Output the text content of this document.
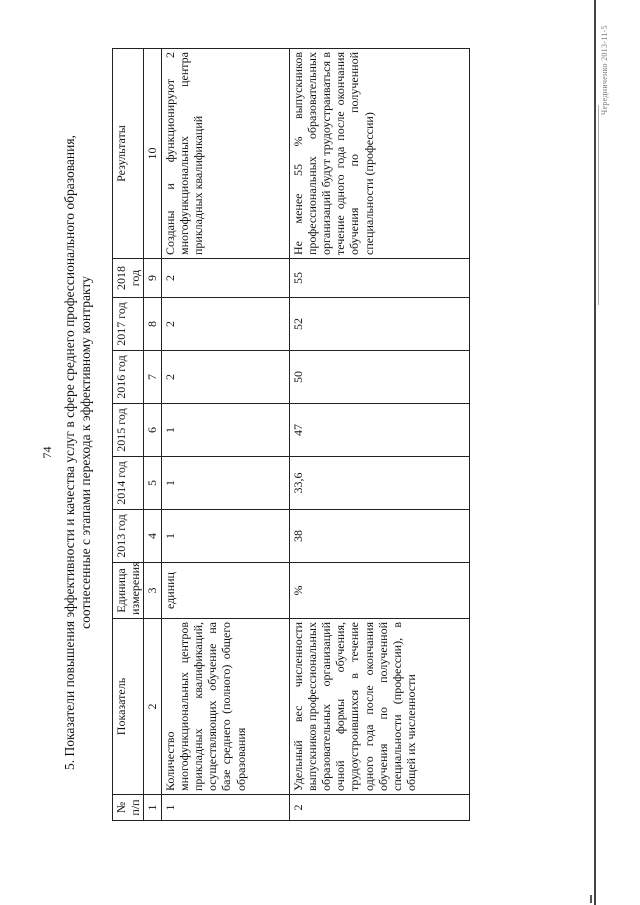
74 5. Показатели повышения эффективности и качества услуг в сфере среднего профессионального образования, соотнесенные с этапами перехода к эффективному контракту
№ п/п	Показатель	Единица измерения	2013 год	2014 год	2015 год	2016 год	2017 год	2018 год	Результаты
1	2	3	4	5	6	7	8	9	10
1	Количество многофункциональных центров прикладных квалификаций, осуществляющих обучение на базе среднего (полного) общего образования	единиц	1	1	1	2	2	2	Созданы и функционируют 2 многофункциональных центра прикладных квалификаций
2	Удельный вес численности выпускников профессиональных образовательных организаций очной формы обучения, трудоустроившихся в течение одного года после окончания обучения по полученной специальности (профессии), в общей их численности	%	38	33,6	47	50	52	55	Не менее 55 % выпускников профессиональных образовательных организаций будут трудоустраиваться в течение одного года после окончания обучения по полученной специальности (профессии)
Чередниченко 2013-11-5
